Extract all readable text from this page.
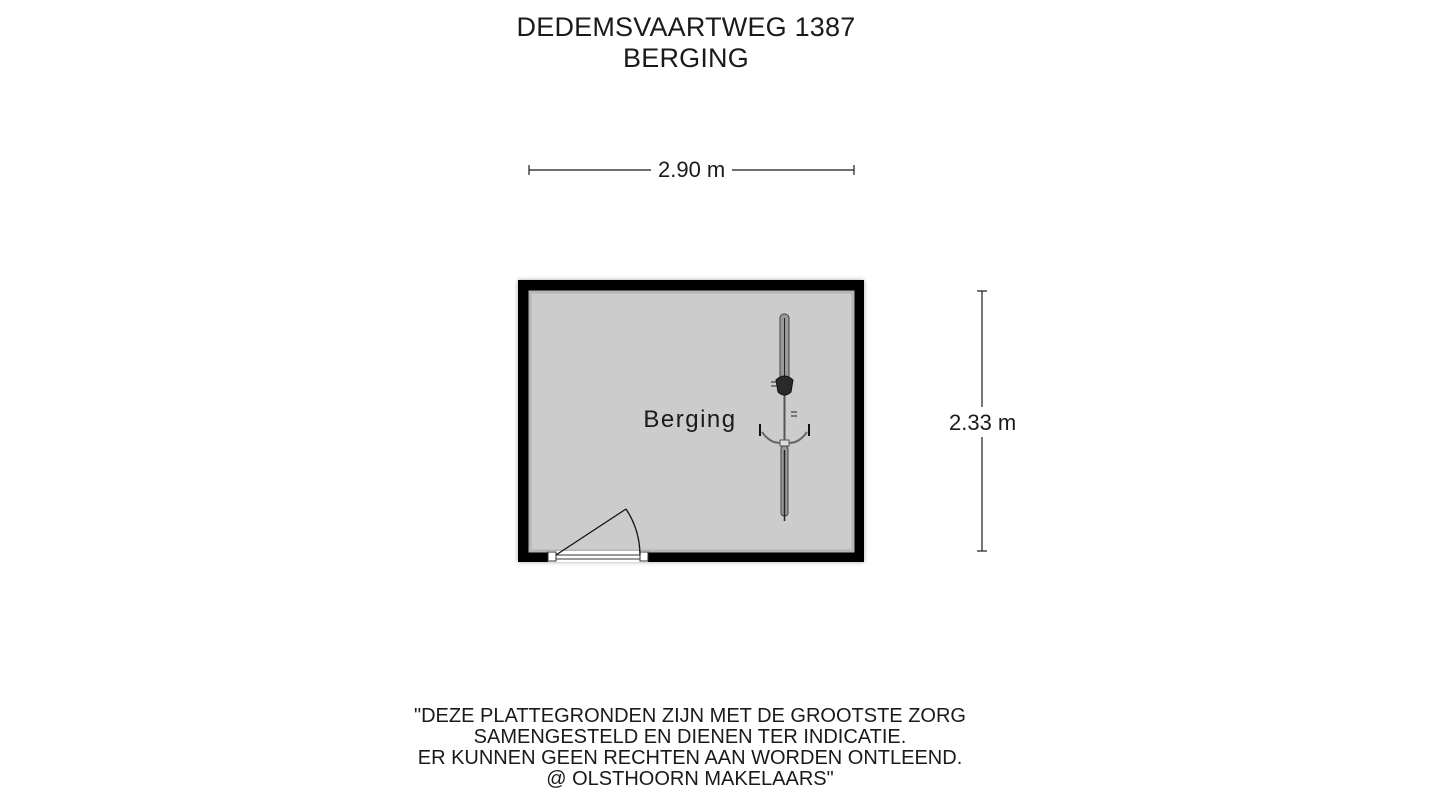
DEDEMSVAARTWEG 1387
BERGING
2.90 m
2.33 m
Berging
"DEZE PLATTEGRONDEN ZIJN MET DE GROOTSTE ZORG
SAMENGESTELD EN DIENEN TER INDICATIE.
ER KUNNEN GEEN RECHTEN AAN WORDEN ONTLEEND.
@ OLSTHOORN MAKELAARS"
